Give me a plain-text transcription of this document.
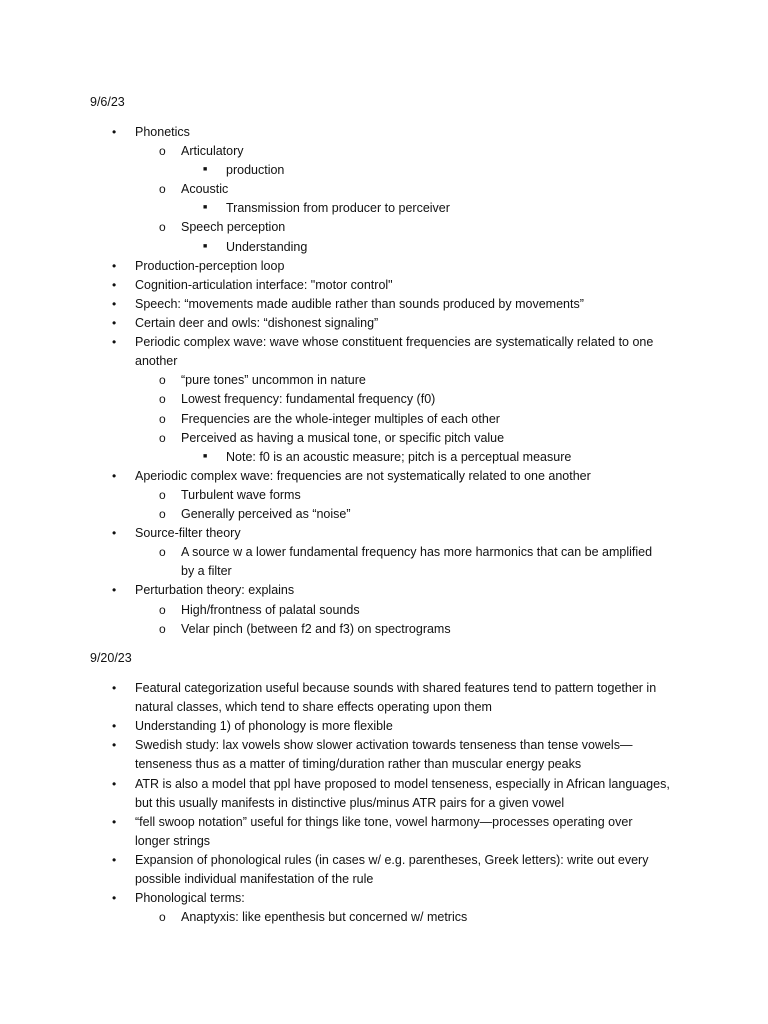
9/6/23
• Phonetics
o Articulatory
■ production
o Acoustic
■ Transmission from producer to perceiver
o Speech perception
■ Understanding
• Production-perception loop
• Cognition-articulation interface: "motor control"
• Speech: “movements made audible rather than sounds produced by movements”
• Certain deer and owls: “dishonest signaling”
• Periodic complex wave: wave whose constituent frequencies are systematically related to one
another
o “pure tones” uncommon in nature
o Lowest frequency: fundamental frequency (f0)
o Frequencies are the whole-integer multiples of each other
o Perceived as having a musical tone, or specific pitch value
■ Note: f0 is an acoustic measure; pitch is a perceptual measure
• Aperiodic complex wave: frequencies are not systematically related to one another
o Turbulent wave forms
o Generally perceived as “noise”
• Source-filter theory
o A source w a lower fundamental frequency has more harmonics that can be amplified
by a filter
• Perturbation theory: explains
o High/frontness of palatal sounds
o Velar pinch (between f2 and f3) on spectrograms
9/20/23
• Featural categorization useful because sounds with shared features tend to pattern together in
natural classes, which tend to share effects operating upon them
• Understanding 1) of phonology is more flexible
• Swedish study: lax vowels show slower activation towards tenseness than tense vowels—
tenseness thus as a matter of timing/duration rather than muscular energy peaks
• ATR is also a model that ppl have proposed to model tenseness, especially in African languages,
but this usually manifests in distinctive plus/minus ATR pairs for a given vowel
• “fell swoop notation” useful for things like tone, vowel harmony—processes operating over
longer strings
• Expansion of phonological rules (in cases w/ e.g. parentheses, Greek letters): write out every
possible individual manifestation of the rule
• Phonological terms:
o Anaptyxis: like epenthesis but concerned w/ metrics
